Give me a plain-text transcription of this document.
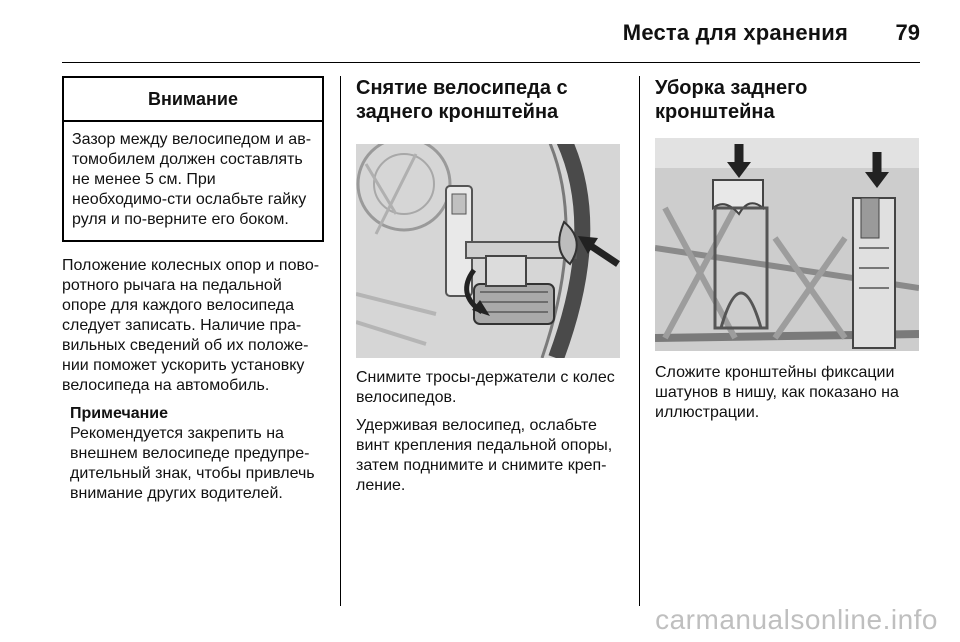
Места для хранения 79
Внимание
Зазор между велосипедом и ав-томобилем должен составлять не менее 5 см. При необходимо-сти ослабьте гайку руля и по-верните его боком.

Положение колесных опор и пово-ротного рычага на педальной опоре для каждого велосипеда следует записать. Наличие пра-вильных сведений об их положе-нии поможет ускорить установку велосипеда на автомобиль.

Примечание
Рекомендуется закрепить на внешнем велосипеде предупре-дительный знак, чтобы привлечь внимание других водителей.
Снятие велосипеда с заднего кронштейна

Снимите тросы-держатели с колес велосипедов.

Удерживая велосипед, ослабьте винт крепления педальной опоры, затем поднимите и снимите креп-ление.

Уборка заднего кронштейна

Сложите кронштейны фиксации шатунов в нишу, как показано на иллюстрации.

carmanualsonline.info
